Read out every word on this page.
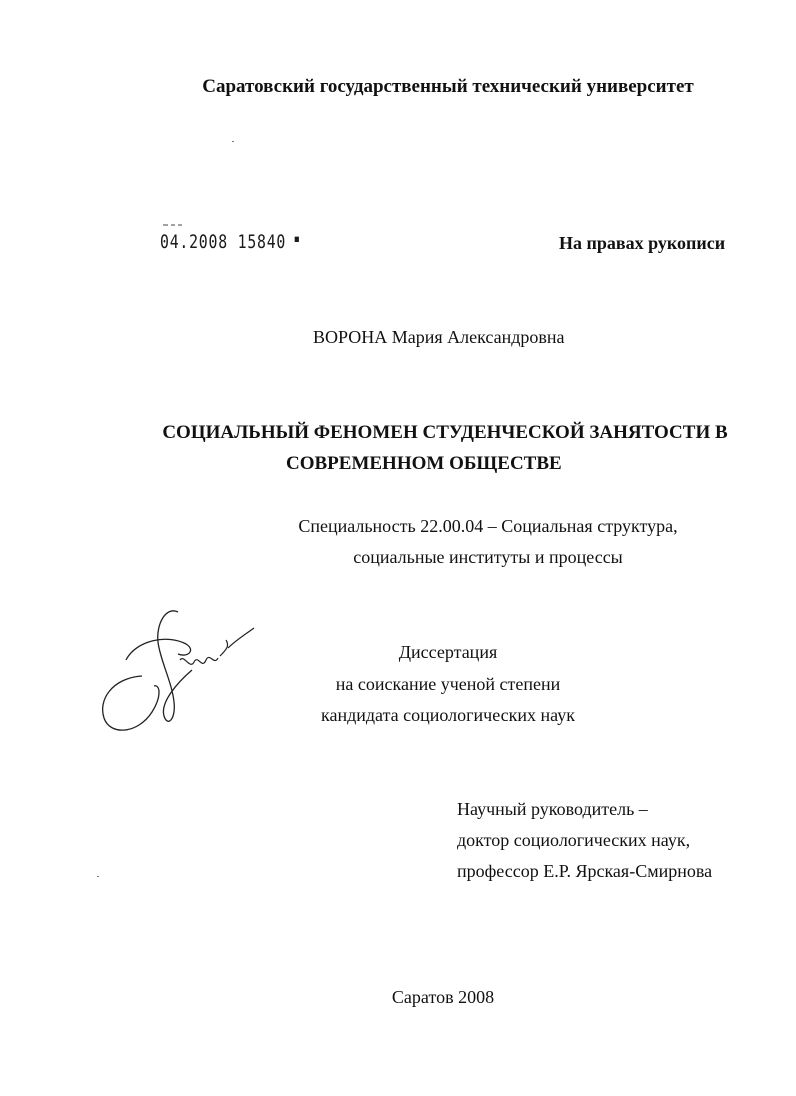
Саратовский государственный технический университет
04.2008 15840 ▪	На правах рукописи
ВОРОНА Мария Александровна
СОЦИАЛЬНЫЙ ФЕНОМЕН СТУДЕНЧЕСКОЙ ЗАНЯТОСТИ В
СОВРЕМЕННОМ ОБЩЕСТВЕ
Специальность 22.00.04 – Социальная структура,
социальные институты и процессы
Диссертация
на соискание ученой степени
кандидата социологических наук
Научный руководитель –
доктор социологических наук,
профессор Е.Р. Ярская-Смирнова
Саратов 2008
